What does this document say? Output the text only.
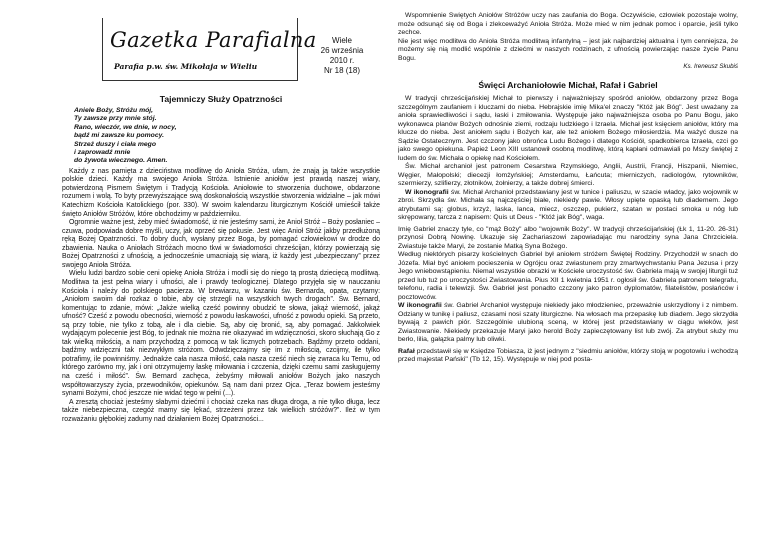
Gazetka Parafialna
Parafia p.w. św. Mikołaja w Wieliu
Wiele
26 września
2010 r.
Nr 18 (18)
Tajemniczy Służy Opatrzności
Aniele Boży, Stróżu mój,
Ty zawsze przy mnie stój.
Rano, wieczór, we dnie, w nocy,
bądź mi zawsze ku pomocy.
Strzeż duszy i ciała mego
i zaprowadź mnie
do żywota wiecznego. Amen.

Każdy z nas pamięta z dzieciństwa modlitwę do Anioła Stróża, ufam, że znają ją także wszystkie polskie dzieci. Każdy ma swojego Anioła Stróża. Istnienie aniołów jest prawdą naszej wiary, potwierdzoną Pismem Świętym i Tradycją Kościoła. Aniołowie to stworzenia duchowe, obdarzone rozumem i wolą. To byty przewyższające swą doskonałością wszystkie stworzenia widzialne – jak mówi Katechizm Kościoła Katolickiego (por. 330). W swoim kalendarzu liturgicznym Kościół umieścił także święto Aniołów Stróżów, które obchodzimy w październiku.

Ogromnie ważne jest, żeby mieć świadomość, iż nie jesteśmy sami, że Anioł Stróż – Boży posłaniec – czuwa, podpowiada dobre myśli, uczy, jak oprzeć się pokusie. Jest więc Anioł Stróż jakby przedłużoną ręką Bożej Opatrzności. To dobry duch, wysłany przez Boga, by pomagać człowiekowi w drodze do zbawienia. Nauka o Aniołach Stróżach mocno tkwi w świadomości chrześcijan, którzy powierzają się Bożej Opatrzności z ufnością, a jednocześnie umacniają się wiarą, iż każdy jest „ubezpieczany” przez swojego Anioła Stróża.

Wielu ludzi bardzo sobie ceni opiekę Anioła Stróża i modli się do niego tą prostą dziecięcą modlitwą. Modlitwa ta jest pełna wiary i ufności, ale i prawdy teologicznej. Dlatego przyjęła się w nauczaniu Kościoła i należy do polskiego pacierza. W brewiarzu, w kazaniu św. Bernarda, opata, czytamy: „Aniołom swoim dał rozkaz o tobie, aby cię strzegli na wszystkich twych drogach”. Św. Bernard, komentując to zdanie, mówi: „Jakże wielką cześć powinny obudzić te słowa, jakąż wierność, jakąż ufność? Cześć z powodu obecności, wierność z powodu łaskawości, ufność z powodu opieki. Są przeto, są przy tobie, nie tylko z tobą, ale i dla ciebie. Są, aby cię bronić, są, aby pomagać. Jakkolwiek wydającym polecenie jest Bóg, to jednak nie można nie okazywać im wdzięczności, skoro słuchają Go z tak wielką miłością, a nam przychodzą z pomocą w tak licznych potrzebach. Bądźmy przeto oddani, bądźmy wdzięczni tak niezwykłym stróżom. Odwdzięczajmy się im z miłością, czcijmy, ile tylko potrafimy, ile powinniśmy. Jednakże cała nasza miłość, cała nasza cześć niech się zwraca ku Temu, od którego zarówno my, jak i oni otrzymujemy łaskę miłowania i czczenia, dzięki czemu sami zasługujemy na cześć i miłość”. Św. Bernard zachęca, żebyśmy miłowali aniołów Bożych jako naszych współtowarzyszy życia, przewodników, opiekunów. Są nam dani przez Ojca. „Teraz bowiem jesteśmy synami Bożymi, choć jeszcze nie widać tego w pełni (...).

A zresztą chociaż jesteśmy słabymi dziećmi i chociaż czeka nas długa droga, a nie tylko długa, lecz także niebezpieczna, czegóż mamy się lękać, strzeżeni przez tak wielkich stróżów?”. Ileż w tym rozważaniu głębokiej zadumy nad działaniem Bożej Opatrzności...

Wspomnienie Świętych Aniołów Stróżów uczy nas zaufania do Boga. Oczywiście, człowiek pozostaje wolny, może odsunąć się od Boga i zlekceważyć Anioła Stróża. Może mieć w nim jednak pomoc i oparcie, jeśli tylko zechce.

Nie jest więc modlitwa do Anioła Stróża modlitwą infantylną – jest jak najbardziej aktualna i tym cenniejsza, że możemy się nią modlić wspólnie z dziećmi w naszych rodzinach, z ufnością powierzając nasze życie Panu Bogu.

Ks. Ireneusz Skubiś
Święci Archaniołowie Michał, Rafał i Gabriel

W tradycji chrześcijańskiej Michał to pierwszy i najważniejszy spośród aniołów, obdarzony przez Boga szczególnym zaufaniem i kluczami do nieba. Hebrajskie imię Mika'el znaczy "Któż jak Bóg". Jest uważany za anioła sprawiedliwości i sądu, łaski i zmiłowania. Występuje jako najważniejsza osoba po Panu Bogu, jako wykonawca planów Bożych odnośnie ziemi, rodzaju ludzkiego i Izraela. Michał jest księciem aniołów, który ma klucze do nieba. Jest aniołem sądu i Bożych kar, ale też aniołem Bożego miłosierdzia. Ma ważyć dusze na Sądzie Ostatecznym. Jest czczony jako obrońca Ludu Bożego i dlatego Kościół, spadkobierca Izraela, czci go jako swego opiekuna. Papież Leon XIII ustanowił osobną modlitwę, którą kapłani odmawiali po Mszy świętej z ludem do św. Michała o opiekę nad Kościołem.

Św. Michał archanioł jest patronem Cesarstwa Rzymskiego, Anglii, Austrii, Francji, Hiszpanii, Niemiec, Węgier, Małopolski; diecezji łomżyńskiej; Amsterdamu, Łańcuta; mierniczych, radiologów, rytowników, szermierzy, szlifierzy, złotników, żołnierzy, a także dobrej śmierci.

W ikonografii św. Michał Archanioł przedstawiany jest w tunice i paliuszu, w szacie władcy, jako wojownik w zbroi. Skrzydła św. Michała są najczęściej białe, niekiedy pawie. Włosy upięte opaską lub diademem. Jego atrybutami są: globus, krzyż, laska, lanca, miecz, oszczep, pukierz, szatan w postaci smoka u nóg lub skrępowany, tarcza z napisem: Quis ut Deus - "Któż jak Bóg", waga.

Imię Gabriel znaczy tyle, co "mąż Boży" albo "wojownik Boży". W tradycji chrześcijańskiej (Łk 1, 11-20. 26-31) przynosi Dobrą Nowinę. Ukazuje się Zachariaszowi zapowiadając mu narodziny syna Jana Chrzciciela. Zwiastuje także Maryi, że zostanie Matką Syna Bożego.

Według niektórych pisarzy kościelnych Gabriel był aniołem stróżem Świętej Rodziny. Przychodził w snach do Józefa. Miał być aniołem pocieszenia w Ogrójcu oraz zwiastunem przy zmartwychwstaniu Pana Jezusa i przy Jego wniebowstąpieniu. Niemal wszystkie obrazki w Kościele uroczystość św. Gabriela mają w swojej liturgii tuż przed lub tuż po uroczystości Zwiastowania. Pius XII 1 kwietnia 1951 r. ogłosił św. Gabriela patronem telegrafu, telefonu, radia i telewizji. Św. Gabriel jest ponadto czczony jako patron dyplomatów, filatelistów, posłańców i pocztowców.

W ikonografii św. Gabriel Archanioł występuje niekiedy jako młodzieniec, przeważnie uskrzydlony i z nimbem. Odziany w tunikę i paliusz, czasami nosi szaty liturgiczne. Na włosach ma przepaskę lub diadem. Jego skrzydła bywają z pawich piór. Szczególnie ulubioną sceną, w której jest przedstawiany w ciągu wieków, jest Zwiastowanie. Niekiedy przekazuje Maryi jako herold Boży zapieczętowany list lub zwój. Za atrybut służy mu berło, lilia, gałązka palmy lub oliwki.

Rafał przedstawił się w Księdze Tobiasza, iż jest jednym z "siedmiu aniołów, którzy stoją w pogotowiu i wchodzą przed majestat Pański" (Tb 12, 15). Występuje w niej pod posta-
